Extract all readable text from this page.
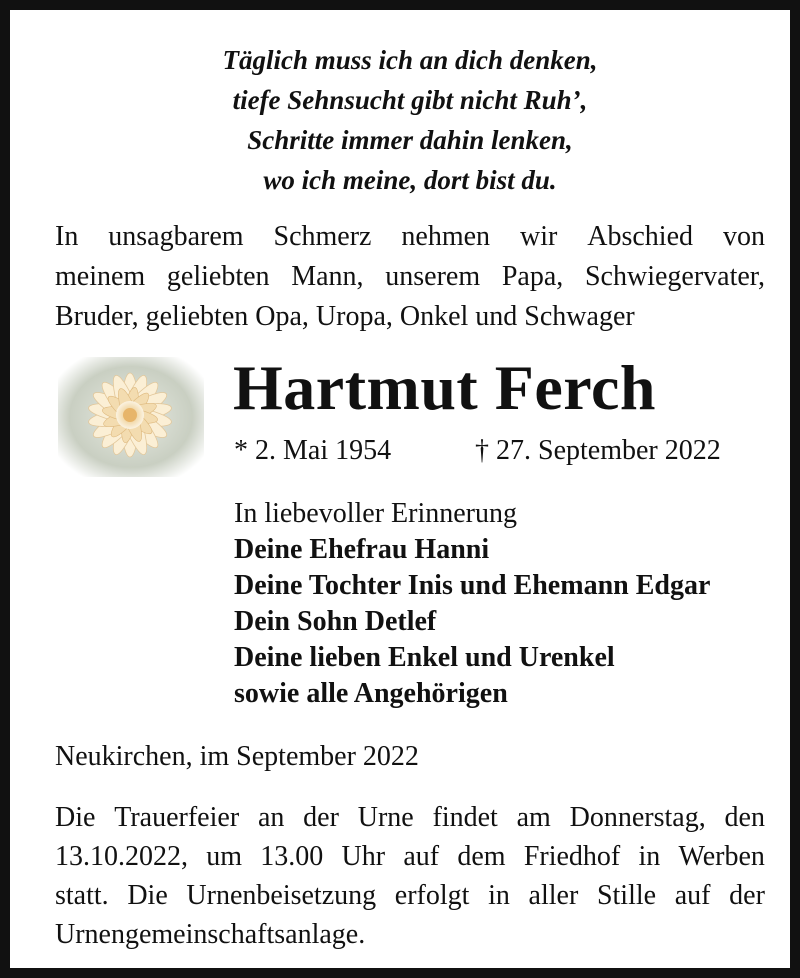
Täglich muss ich an dich denken,
tiefe Sehnsucht gibt nicht Ruh’,
Schritte immer dahin lenken,
wo ich meine, dort bist du.
In unsagbarem Schmerz nehmen wir Abschied von
meinem geliebten Mann, unserem Papa, Schwiegervater,
Bruder, geliebten Opa, Uropa, Onkel und Schwager
Hartmut Ferch
* 2. Mai 1954	† 27. September 2022
In liebevoller Erinnerung
Deine Ehefrau Hanni
Deine Tochter Inis und Ehemann Edgar
Dein Sohn Detlef
Deine lieben Enkel und Urenkel
sowie alle Angehörigen
Neukirchen, im September 2022
Die Trauerfeier an der Urne findet am Donnerstag, den
13.10.2022, um 13.00 Uhr auf dem Friedhof in Werben
statt. Die Urnenbeisetzung erfolgt in aller Stille auf der
Urnengemeinschaftsanlage.
